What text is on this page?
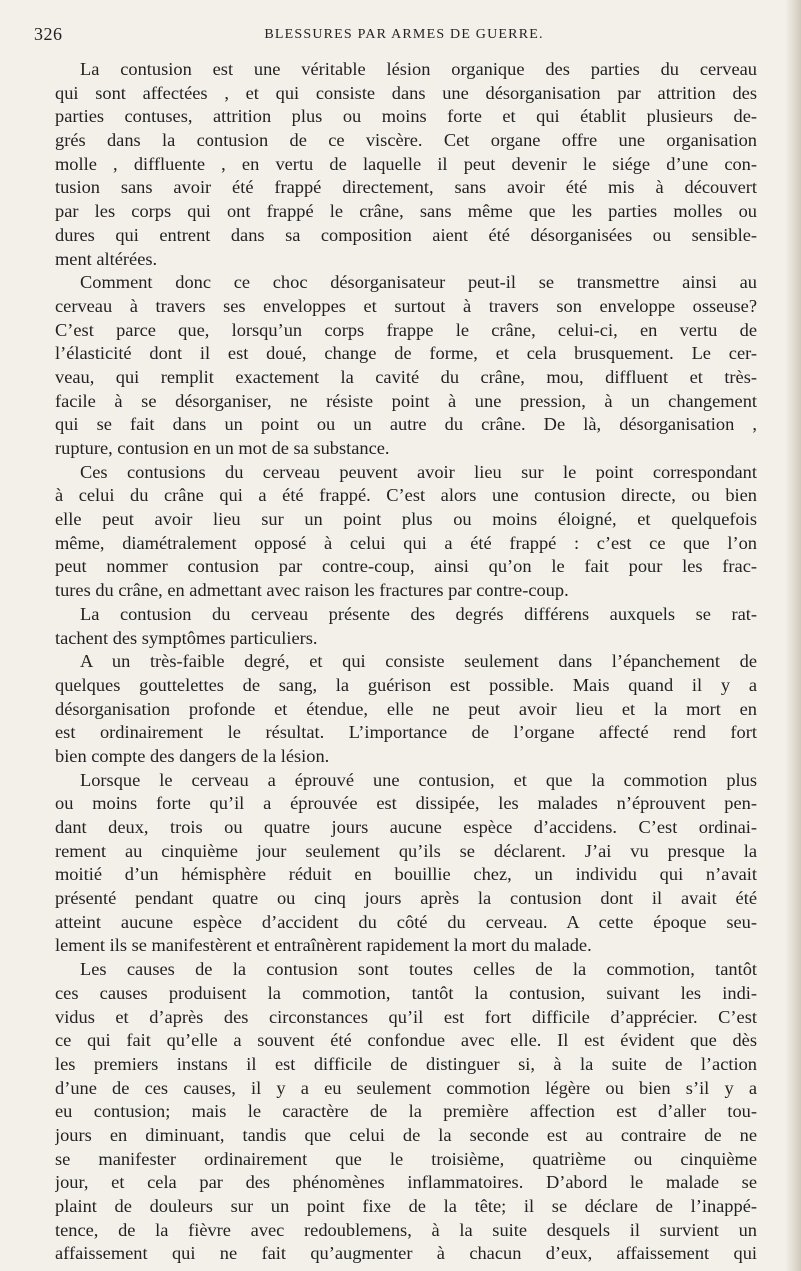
326	BLESSURES PAR ARMES DE GUERRE.
La contusion est une véritable lésion organique des parties du cerveau
qui sont affectées , et qui consiste dans une désorganisation par attrition des
parties contuses, attrition plus ou moins forte et qui établit plusieurs de-
grés dans la contusion de ce viscère. Cet organe offre une organisation
molle , diffluente , en vertu de laquelle il peut devenir le siége d’une con-
tusion sans avoir été frappé directement, sans avoir été mis à découvert
par les corps qui ont frappé le crâne, sans même que les parties molles ou
dures qui entrent dans sa composition aient été désorganisées ou sensible-
ment altérées.
Comment donc ce choc désorganisateur peut-il se transmettre ainsi au
cerveau à travers ses enveloppes et surtout à travers son enveloppe osseuse?
C’est parce que, lorsqu’un corps frappe le crâne, celui-ci, en vertu de
l’élasticité dont il est doué, change de forme, et cela brusquement. Le cer-
veau, qui remplit exactement la cavité du crâne, mou, diffluent et très-
facile à se désorganiser, ne résiste point à une pression, à un changement
qui se fait dans un point ou un autre du crâne. De là, désorganisation ,
rupture, contusion en un mot de sa substance.
Ces contusions du cerveau peuvent avoir lieu sur le point correspondant
à celui du crâne qui a été frappé. C’est alors une contusion directe, ou bien
elle peut avoir lieu sur un point plus ou moins éloigné, et quelquefois
même, diamétralement opposé à celui qui a été frappé : c’est ce que l’on
peut nommer contusion par contre-coup, ainsi qu’on le fait pour les frac-
tures du crâne, en admettant avec raison les fractures par contre-coup.
La contusion du cerveau présente des degrés différens auxquels se rat-
tachent des symptômes particuliers.
A un très-faible degré, et qui consiste seulement dans l’épanchement de
quelques gouttelettes de sang, la guérison est possible. Mais quand il y a
désorganisation profonde et étendue, elle ne peut avoir lieu et la mort en
est ordinairement le résultat. L’importance de l’organe affecté rend fort
bien compte des dangers de la lésion.
Lorsque le cerveau a éprouvé une contusion, et que la commotion plus
ou moins forte qu’il a éprouvée est dissipée, les malades n’éprouvent pen-
dant deux, trois ou quatre jours aucune espèce d’accidens. C’est ordinai-
rement au cinquième jour seulement qu’ils se déclarent. J’ai vu presque la
moitié d’un hémisphère réduit en bouillie chez, un individu qui n’avait
présenté pendant quatre ou cinq jours après la contusion dont il avait été
atteint aucune espèce d’accident du côté du cerveau. A cette époque seu-
lement ils se manifestèrent et entraînèrent rapidement la mort du malade.
Les causes de la contusion sont toutes celles de la commotion, tantôt
ces causes produisent la commotion, tantôt la contusion, suivant les indi-
vidus et d’après des circonstances qu’il est fort difficile d’apprécier. C’est
ce qui fait qu’elle a souvent été confondue avec elle. Il est évident que dès
les premiers instans il est difficile de distinguer si, à la suite de l’action
d’une de ces causes, il y a eu seulement commotion légère ou bien s’il y a
eu contusion; mais le caractère de la première affection est d’aller tou-
jours en diminuant, tandis que celui de la seconde est au contraire de ne
se manifester ordinairement que le troisième, quatrième ou cinquième
jour, et cela par des phénomènes inflammatoires. D’abord le malade se
plaint de douleurs sur un point fixe de la tête; il se déclare de l’inappé-
tence, de la fièvre avec redoublemens, à la suite desquels il survient un
affaissement qui ne fait qu’augmenter à chacun d’eux, affaissement qui
